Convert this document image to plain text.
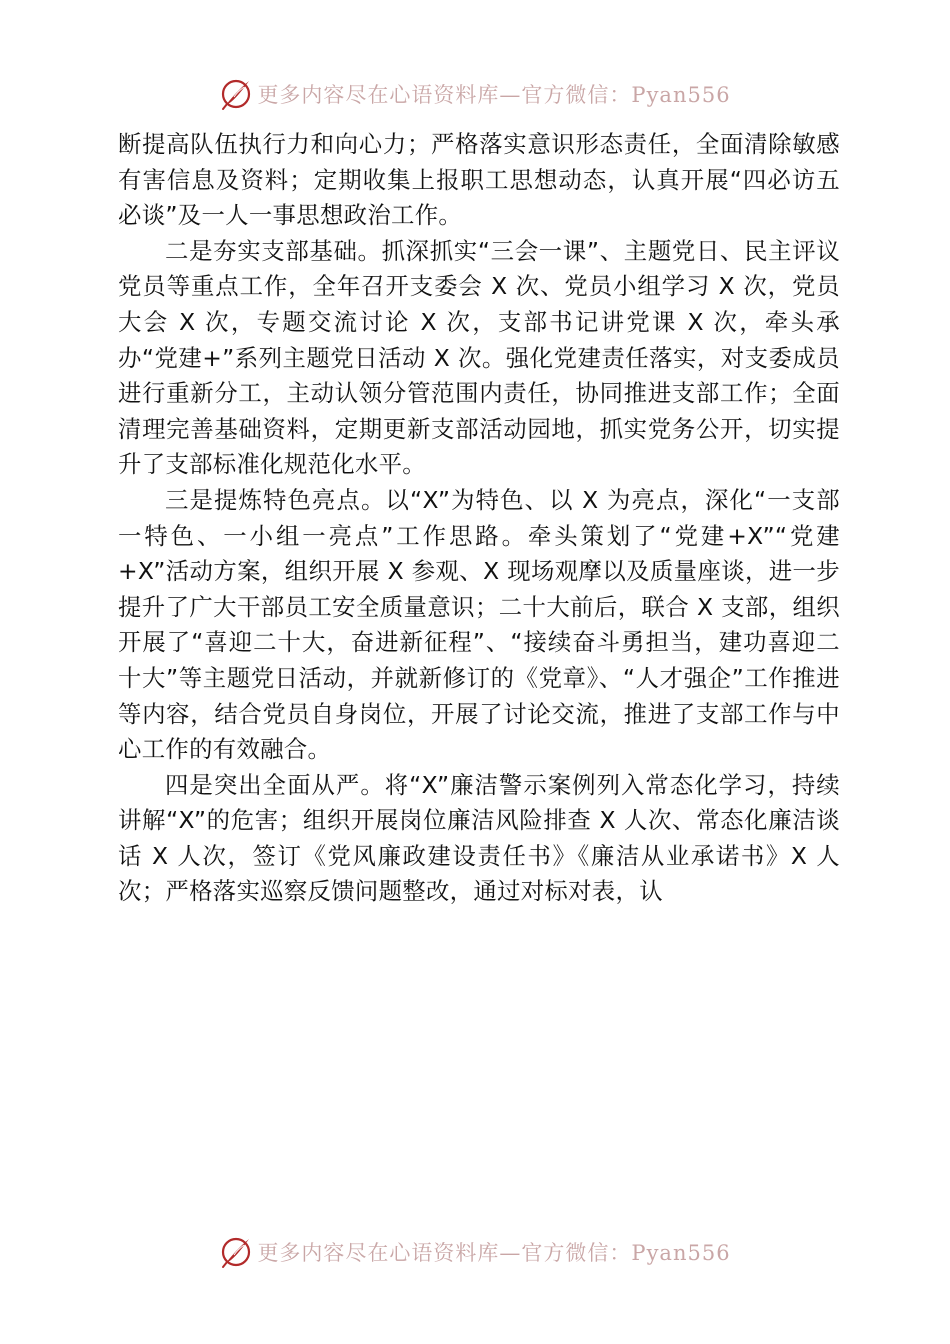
更多内容尽在心语资料库—官方微信：Pyan556

断提高队伍执行力和向心力；严格落实意识形态责任，全面清除敏感有害信息及资料；定期收集上报职工思想动态，认真开展“四必访五必谈”及一人一事思想政治工作。

二是夯实支部基础。抓深抓实“三会一课”、主题党日、民主评议党员等重点工作，全年召开支委会 X 次、党员小组学习 X 次，党员大会 X 次，专题交流讨论 X 次，支部书记讲党课 X 次，牵头承办“党建+”系列主题党日活动 X 次。强化党建责任落实，对支委成员进行重新分工，主动认领分管范围内责任，协同推进支部工作；全面清理完善基础资料，定期更新支部活动园地，抓实党务公开，切实提升了支部标准化规范化水平。

三是提炼特色亮点。以“X”为特色、以 X 为亮点，深化“一支部一特色、一小组一亮点”工作思路。牵头策划了“党建+X”“党建+X”活动方案，组织开展 X 参观、X 现场观摩以及质量座谈，进一步提升了广大干部员工安全质量意识；二十大前后，联合 X 支部，组织开展了“喜迎二十大，奋进新征程”、“接续奋斗勇担当，建功喜迎二十大”等主题党日活动，并就新修订的《党章》、“人才强企”工作推进等内容，结合党员自身岗位，开展了讨论交流，推进了支部工作与中心工作的有效融合。

四是突出全面从严。将“X”廉洁警示案例列入常态化学习，持续讲解“X”的危害；组织开展岗位廉洁风险排查 X 人次、常态化廉洁谈话 X 人次，签订《党风廉政建设责任书》《廉洁从业承诺书》X 人次；严格落实巡察反馈问题整改，通过对标对表，认

更多内容尽在心语资料库—官方微信：Pyan556
